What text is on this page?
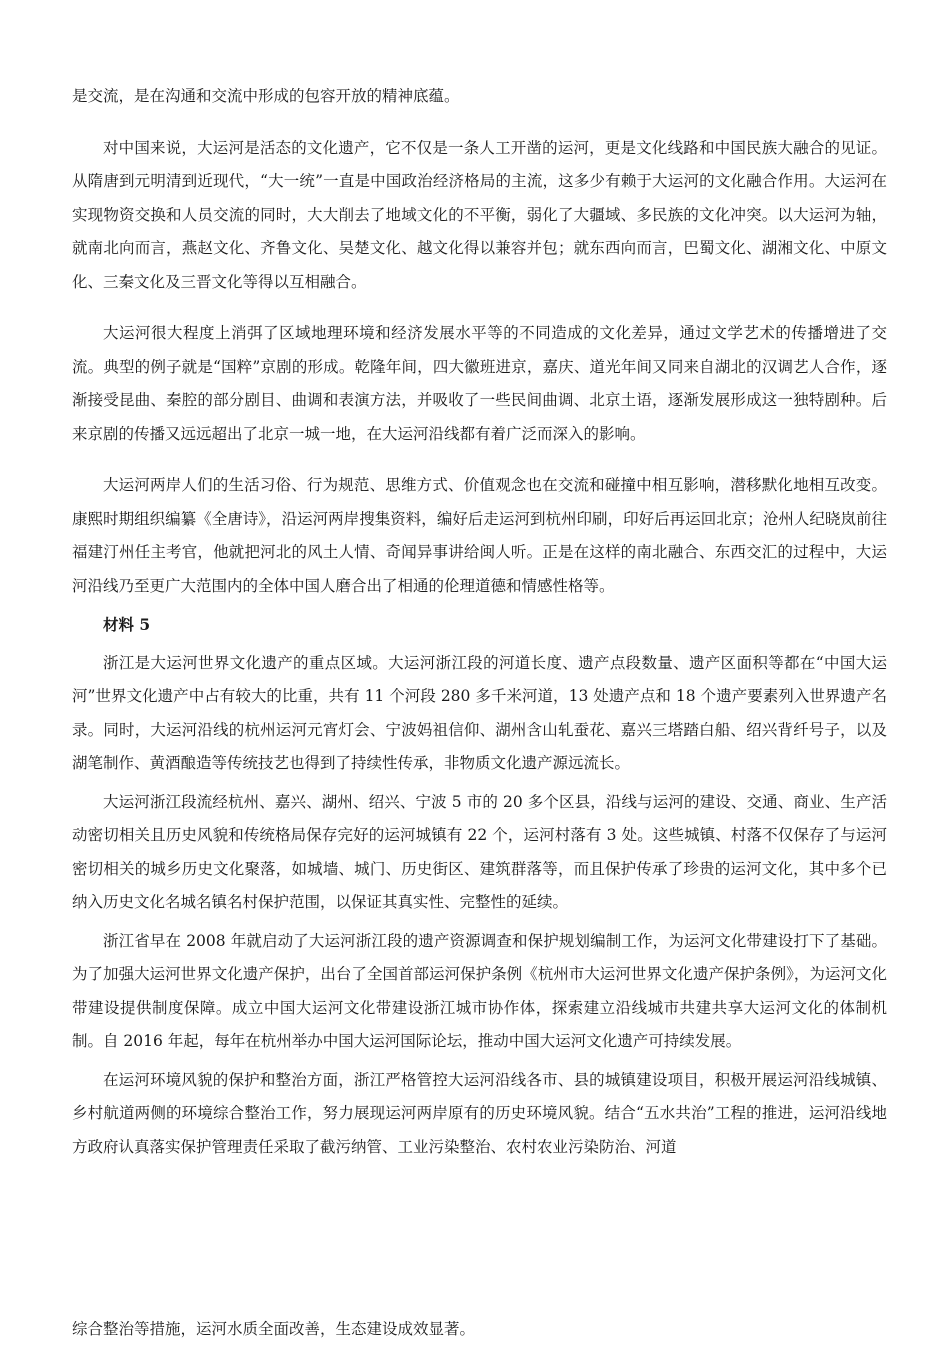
是交流，是在沟通和交流中形成的包容开放的精神底蕴。

对中国来说，大运河是活态的文化遗产，它不仅是一条人工开凿的运河，更是文化线路和中国民族大融合的见证。从隋唐到元明清到近现代，“大一统”一直是中国政治经济格局的主流，这多少有赖于大运河的文化融合作用。大运河在实现物资交换和人员交流的同时，大大削去了地域文化的不平衡，弱化了大疆域、多民族的文化冲突。以大运河为轴，就南北向而言，燕赵文化、齐鲁文化、吴楚文化、越文化得以兼容并包；就东西向而言，巴蜀文化、湖湘文化、中原文化、三秦文化及三晋文化等得以互相融合。

大运河很大程度上消弭了区域地理环境和经济发展水平等的不同造成的文化差异，通过文学艺术的传播增进了交流。典型的例子就是“国粹”京剧的形成。乾隆年间，四大徽班进京，嘉庆、道光年间又同来自湖北的汉调艺人合作，逐渐接受昆曲、秦腔的部分剧目、曲调和表演方法，并吸收了一些民间曲调、北京土语，逐渐发展形成这一独特剧种。后来京剧的传播又远远超出了北京一城一地，在大运河沿线都有着广泛而深入的影响。

大运河两岸人们的生活习俗、行为规范、思维方式、价值观念也在交流和碰撞中相互影响，潜移默化地相互改变。康熙时期组织编纂《全唐诗》，沿运河两岸搜集资料，编好后走运河到杭州印刷，印好后再运回北京；沧州人纪晓岚前往福建汀州任主考官，他就把河北的风土人情、奇闻异事讲给闽人听。正是在这样的南北融合、东西交汇的过程中，大运河沿线乃至更广大范围内的全体中国人磨合出了相通的伦理道德和情感性格等。

材料 5

浙江是大运河世界文化遗产的重点区域。大运河浙江段的河道长度、遗产点段数量、遗产区面积等都在“中国大运河”世界文化遗产中占有较大的比重，共有 11 个河段 280 多千米河道，13 处遗产点和 18 个遗产要素列入世界遗产名录。同时，大运河沿线的杭州运河元宵灯会、宁波妈祖信仰、湖州含山轧蚕花、嘉兴三塔踏白船、绍兴背纤号子，以及湖笔制作、黄酒酿造等传统技艺也得到了持续性传承，非物质文化遗产源远流长。

大运河浙江段流经杭州、嘉兴、湖州、绍兴、宁波 5 市的 20 多个区县，沿线与运河的建设、交通、商业、生产活动密切相关且历史风貌和传统格局保存完好的运河城镇有 22 个，运河村落有 3 处。这些城镇、村落不仅保存了与运河密切相关的城乡历史文化聚落，如城墙、城门、历史街区、建筑群落等，而且保护传承了珍贵的运河文化，其中多个已纳入历史文化名城名镇名村保护范围，以保证其真实性、完整性的延续。

浙江省早在 2008 年就启动了大运河浙江段的遗产资源调查和保护规划编制工作，为运河文化带建设打下了基础。为了加强大运河世界文化遗产保护，出台了全国首部运河保护条例《杭州市大运河世界文化遗产保护条例》，为运河文化带建设提供制度保障。成立中国大运河文化带建设浙江城市协作体，探索建立沿线城市共建共享大运河文化的体制机制。自 2016 年起，每年在杭州举办中国大运河国际论坛，推动中国大运河文化遗产可持续发展。

在运河环境风貌的保护和整治方面，浙江严格管控大运河沿线各市、县的城镇建设项目，积极开展运河沿线城镇、乡村航道两侧的环境综合整治工作，努力展现运河两岸原有的历史环境风貌。结合“五水共治”工程的推进，运河沿线地方政府认真落实保护管理责任采取了截污纳管、工业污染整治、农村农业污染防治、河道

综合整治等措施，运河水质全面改善，生态建设成效显著。
